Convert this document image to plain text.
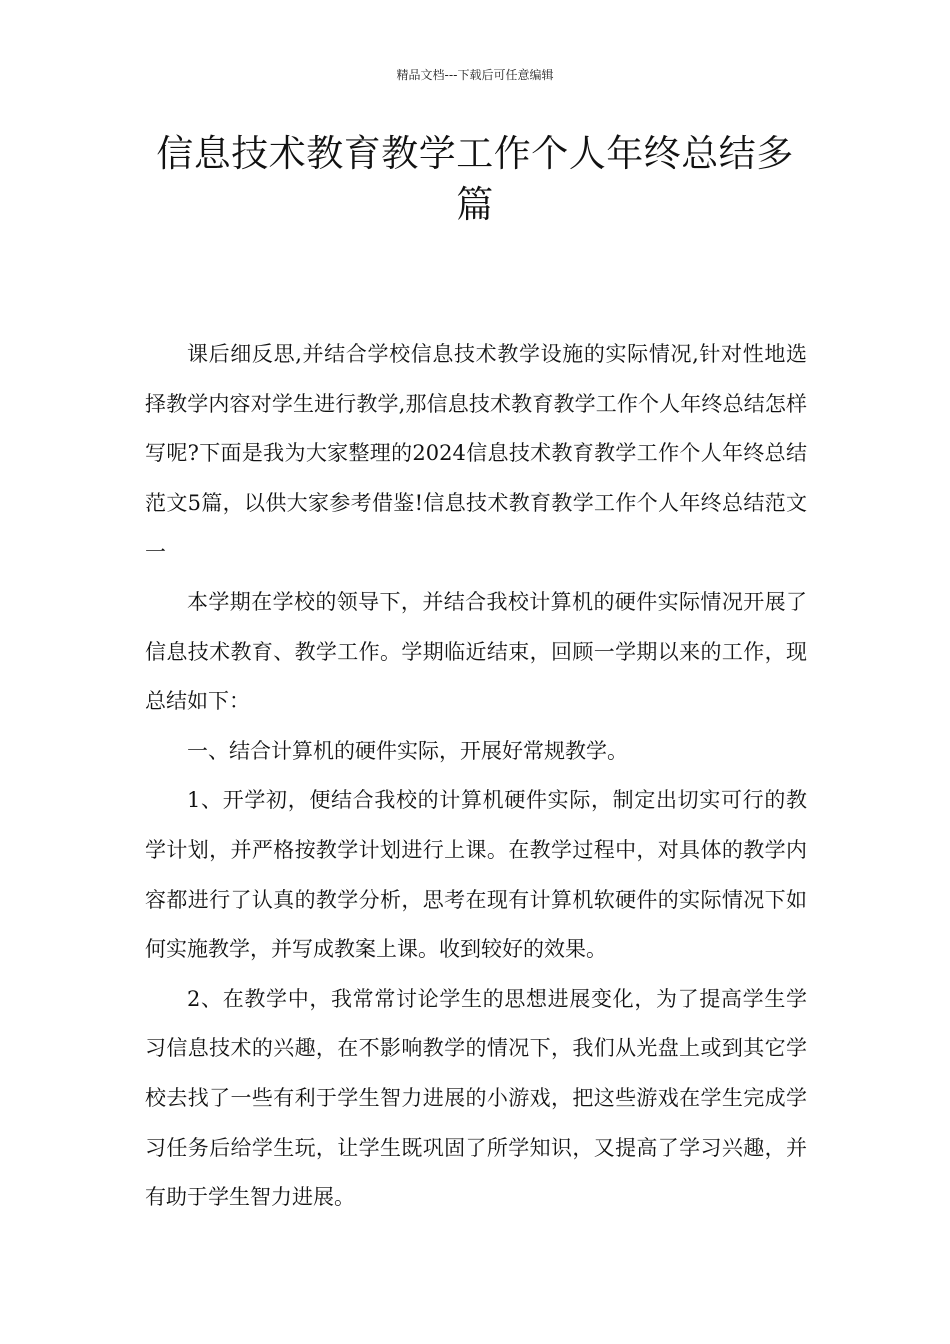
精品文档---下载后可任意编辑
信息技术教育教学工作个人年终总结多篇

课后细反思,并结合学校信息技术教学设施的实际情况,针对性地选择教学内容对学生进行教学,那信息技术教育教学工作个人年终总结怎样写呢?下面是我为大家整理的2024信息技术教育教学工作个人年终总结范文5篇，以供大家参考借鉴!信息技术教育教学工作个人年终总结范文一

本学期在学校的领导下，并结合我校计算机的硬件实际情况开展了信息技术教育、教学工作。学期临近结束，回顾一学期以来的工作，现总结如下：

一、结合计算机的硬件实际，开展好常规教学。

1、开学初，便结合我校的计算机硬件实际，制定出切实可行的教学计划，并严格按教学计划进行上课。在教学过程中，对具体的教学内容都进行了认真的教学分析，思考在现有计算机软硬件的实际情况下如何实施教学，并写成教案上课。收到较好的效果。

2、在教学中，我常常讨论学生的思想进展变化，为了提高学生学习信息技术的兴趣，在不影响教学的情况下，我们从光盘上或到其它学校去找了一些有利于学生智力进展的小游戏，把这些游戏在学生完成学习任务后给学生玩，让学生既巩固了所学知识，又提高了学习兴趣，并有助于学生智力进展。
